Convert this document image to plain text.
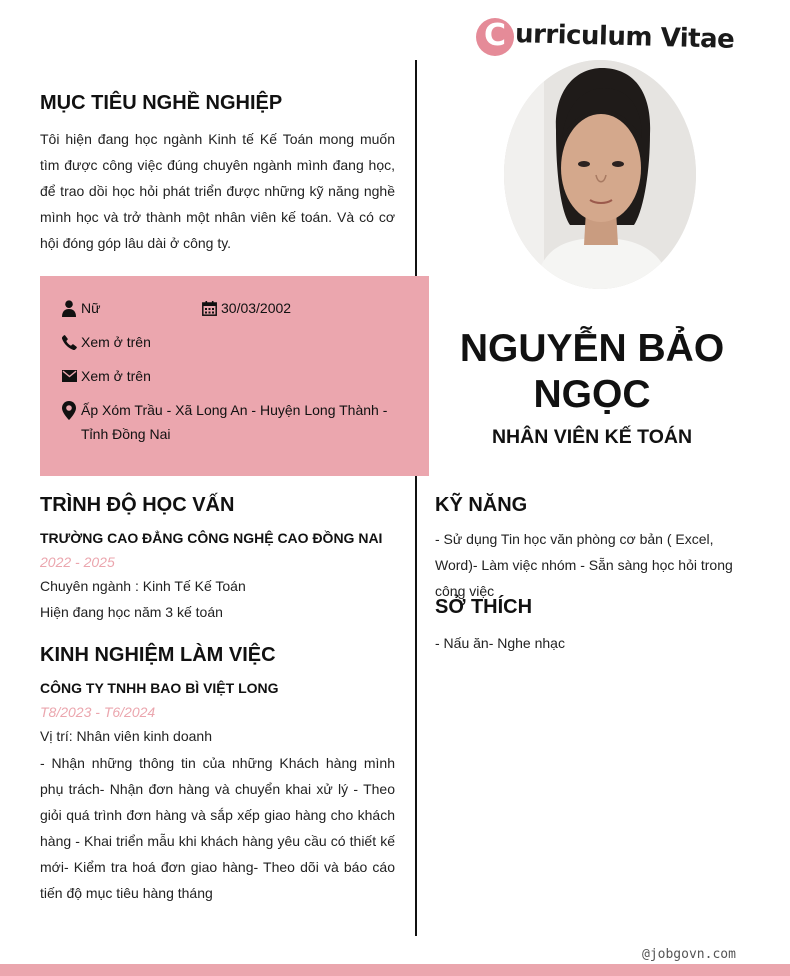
C urriculum Vitae
MỤC TIÊU NGHỀ NGHIỆP
Tôi hiện đang học ngành Kinh tế Kế Toán mong muốn tìm được công việc đúng chuyên ngành mình đang học, để trao dồi học hỏi phát triển được những kỹ năng nghề mình học và trở thành một nhân viên kế toán. Và có cơ hội đóng góp lâu dài ở công ty.
Nữ	30/03/2002
Xem ở trên
Xem ở trên
Ấp Xóm Trầu - Xã Long An - Huyện Long Thành - Tỉnh Đồng Nai
TRÌNH ĐỘ HỌC VẤN
TRƯỜNG CAO ĐẲNG CÔNG NGHỆ CAO ĐỒNG NAI
2022 - 2025
Chuyên ngành : Kinh Tế Kế Toán
Hiện đang học năm 3 kế toán
KINH NGHIỆM LÀM VIỆC
CÔNG TY TNHH BAO BÌ VIỆT LONG
T8/2023 - T6/2024
Vị trí: Nhân viên kinh doanh
- Nhận những thông tin của những Khách hàng mình phụ trách- Nhận đơn hàng và chuyển khai xử lý - Theo giỏi quá trình đơn hàng và sắp xếp giao hàng cho khách hàng - Khai triển mẫu khi khách hàng yêu cầu có thiết kế mới- Kiểm tra hoá đơn giao hàng- Theo dõi và báo cáo tiến độ mục tiêu hàng tháng
NGUYỄN BẢO
NGỌC
NHÂN VIÊN KẾ TOÁN
KỸ NĂNG
- Sử dụng Tin học văn phòng cơ bản ( Excel, Word)- Làm việc nhóm - Sẵn sàng học hỏi trong công việc
SỞ THÍCH
- Nấu ăn- Nghe nhạc
@jobgovn.com
